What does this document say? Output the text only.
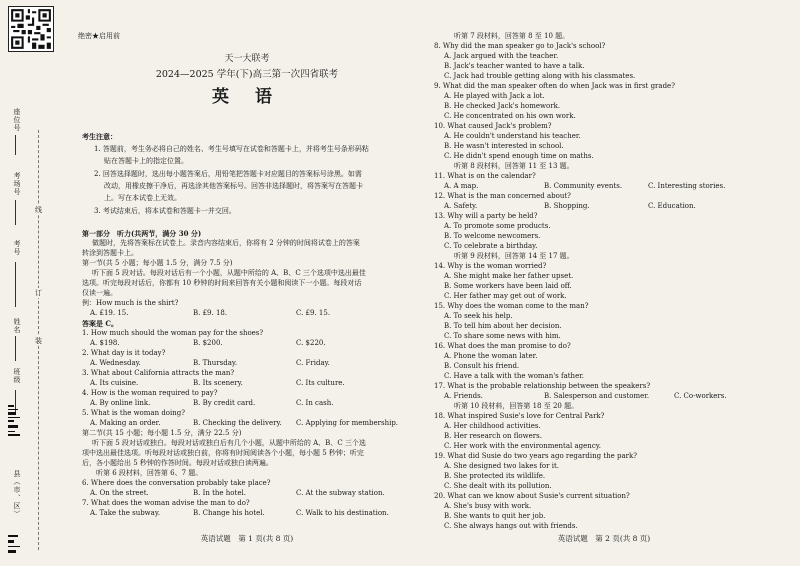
座位号
考场号
考号
姓名
班级
县（市、区）
线
订
装
绝密★启用前
天一大联考
2024—2025 学年(下)高三第一次四省联考
英 语
考生注意：
1. 答题前，考生务必将自己的姓名、考生号填写在试卷和答题卡上，并将考生号条形码粘
贴在答题卡上的指定位置。
2. 回答选择题时，选出每小题答案后，用铅笔把答题卡对应题目的答案标号涂黑。如需
改动，用橡皮擦干净后，再选涂其他答案标号。回答非选择题时，将答案写在答题卡
上。写在本试卷上无效。
3. 考试结束后，将本试卷和答题卡一并交回。
第一部分　听力(共两节，满分 30 分)
做题时，先将答案标在试卷上。录音内容结束后，你将有 2 分钟的时间将试卷上的答案
转涂到答题卡上。
第一节(共 5 小题；每小题 1.5 分，满分 7.5 分)
听下面 5 段对话。每段对话后有一个小题，从题中所给的 A、B、C 三个选项中选出最佳
选项。听完每段对话后，你都有 10 秒钟的时间来回答有关小题和阅读下一小题。每段对话
仅读一遍。
例：How much is the shirt?
A. £19. 15.	B. £9. 18.	C. £9. 15.
答案是 C。
1. How much should the woman pay for the shoes?
A. $198.	B. $200.	C. $220.
2. What day is it today?
A. Wednesday.	B. Thursday.	C. Friday.
3. What about California attracts the man?
A. Its cuisine.	B. Its scenery.	C. Its culture.
4. How is the woman required to pay?
A. By online link.	B. By credit card.	C. In cash.
5. What is the woman doing?
A. Making an order.	B. Checking the delivery. C. Applying for membership.
第二节(共 15 小题；每小题 1.5 分，满分 22.5 分)
听下面 5 段对话或独白。每段对话或独白后有几个小题，从题中所给的 A、B、C 三个选
项中选出最佳选项。听每段对话或独白前，你将有时间阅读各个小题，每小题 5 秒钟；听完
后，各小题给出 5 秒钟的作答时间。每段对话或独白读两遍。
听第 6 段材料，回答第 6、7 题。
6. Where does the conversation probably take place?
A. On the street.	B. In the hotel.	C. At the subway station.
7. What does the woman advise the man to do?
A. Take the subway.	B. Change his hotel.	C. Walk to his destination.
英语试题　第 1 页(共 8 页)
听第 7 段材料，回答第 8 至 10 题。
8. Why did the man speaker go to Jack's school?
A. Jack argued with the teacher.
B. Jack's teacher wanted to have a talk.
C. Jack had trouble getting along with his classmates.
9. What did the man speaker often do when Jack was in first grade?
A. He played with Jack a lot.
B. He checked Jack's homework.
C. He concentrated on his own work.
10. What caused Jack's problem?
A. He couldn't understand his teacher.
B. He wasn't interested in school.
C. He didn't spend enough time on maths.
听第 8 段材料，回答第 11 至 13 题。
11. What is on the calendar?
A. A map.	B. Community events.	C. Interesting stories.
12. What is the man concerned about?
A. Safety.	B. Shopping.	C. Education.
13. Why will a party be held?
A. To promote some products.
B. To welcome newcomers.
C. To celebrate a birthday.
听第 9 段材料，回答第 14 至 17 题。
14. Why is the woman worried?
A. She might make her father upset.
B. Some workers have been laid off.
C. Her father may get out of work.
15. Why does the woman come to the man?
A. To seek his help.
B. To tell him about her decision.
C. To share some news with him.
16. What does the man promise to do?
A. Phone the woman later.
B. Consult his friend.
C. Have a talk with the woman's father.
17. What is the probable relationship between the speakers?
A. Friends.	B. Salesperson and customer.	C. Co-workers.
听第 10 段材料，回答第 18 至 20 题。
18. What inspired Susie's love for Central Park?
A. Her childhood activities.
B. Her research on flowers.
C. Her work with the environmental agency.
19. What did Susie do two years ago regarding the park?
A. She designed two lakes for it.
B. She protected its wildlife.
C. She dealt with its pollution.
20. What can we know about Susie's current situation?
A. She's busy with work.
B. She wants to quit her job.
C. She always hangs out with friends.
英语试题　第 2 页(共 8 页)
